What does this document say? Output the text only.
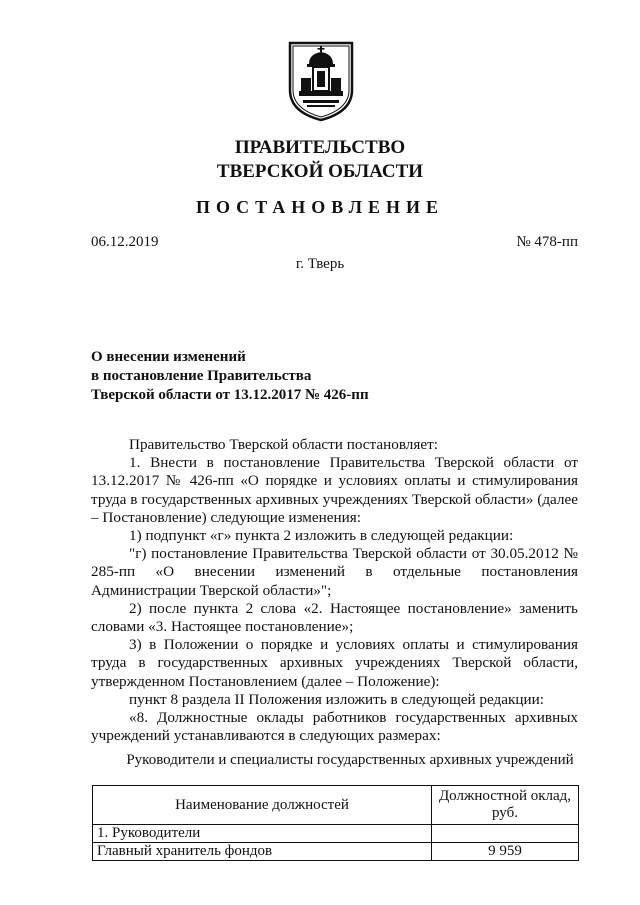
ПРАВИТЕЛЬСТВО
ТВЕРСКОЙ ОБЛАСТИ
ПОСТАНОВЛЕНИЕ
06.12.2019	№ 478-пп
г. Тверь
О внесении изменений
в постановление Правительства
Тверской области от 13.12.2017 № 426-пп

Правительство Тверской области постановляет:

1. Внести в постановление Правительства Тверской области от 13.12.2017 № 426-пп «О порядке и условиях оплаты и стимулирования труда в государственных архивных учреждениях Тверской области» (далее – Постановление) следующие изменения:

1) подпункт «г» пункта 2 изложить в следующей редакции:

"г) постановление Правительства Тверской области от 30.05.2012 № 285-пп «О внесении изменений в отдельные постановления Администрации Тверской области»";

2) после пункта 2 слова «2. Настоящее постановление» заменить словами «3. Настоящее постановление»;

3) в Положении о порядке и условиях оплаты и стимулирования труда в государственных архивных учреждениях Тверской области, утвержденном Постановлением (далее – Положение):

пункт 8 раздела II Положения изложить в следующей редакции:

«8. Должностные оклады работников государственных архивных учреждений устанавливаются в следующих размерах:

Руководители и специалисты государственных архивных учреждений
Наименование должностей	Должностной оклад, руб.
1. Руководители	
Главный хранитель фондов	9 959
